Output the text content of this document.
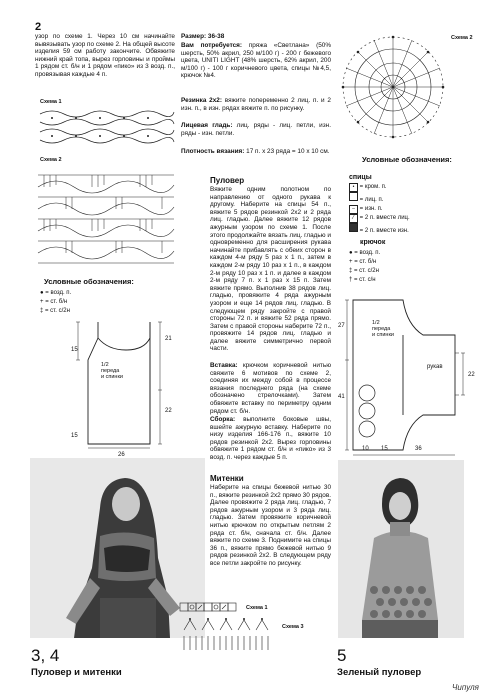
2
узор по схеме 1. Через 10 см начинайте вывязывать узор по схеме 2. На общей высоте изделия 59 см работу закончите. Обвяжите нижний край топа, вырез горловины и проймы 1 рядом ст. б/н и 1 рядом «пико» из 3 возд. п., провязывая каждые 4 п.
Схема 1
Схема 2
Условные обозначения:
● = возд. п.
+ = ст. б/н
‡ = ст. с/2н
15
21
1/2
переда
и спинки
22
15
26
Размер: 36-38
Вам потребуется: пряжа «Светлана» (50% шерсть, 50% акрил, 250 м/100 г) - 200 г бежевого цвета, UNITI LIGHT (48% шерсть, 62% акрил, 200 м/100 г) - 100 г коричневого цвета, спицы №4,5, крючок №4.
Резинка 2х2: вяжите попеременно 2 лиц. п. и 2 изн. п., в изн. рядах вяжите п. по рисунку.
Лицевая гладь: лиц. ряды - лиц. петли, изн. ряды - изн. петли.
Плотность вязания: 17 п. х 23 ряда = 10 х 10 см.
Пуловер
Вяжите одним полотном по направлению от одного рукава к другому. Наберите на спицы 54 п., вяжите 5 рядов резинкой 2х2 и 2 ряда лиц. гладью. Далее вяжите 12 рядов ажурным узором по схеме 1. После этого продолжайте вязать лиц. гладью и одновременно для расширения рукава начинайте прибавлять с обеих сторон в каждом 4-м ряду 5 раз х 1 п., затем в каждом 2-м ряду 10 раз х 1 п., в каждом 2-м ряду 10 раз х 1 п. и далее в каждом 2-м ряду 7 п. х 1 раз х 15 п. Затем вяжите прямо. Выполнив 38 рядов лиц. гладью, провяжите 4 ряда ажурным узором и еще 14 рядов лиц. гладью. В следующем ряду закройте с правой стороны 72 п. и вяжите 52 ряда прямо. Затем с правой стороны наберите 72 п., провяжите 14 рядов лиц. гладью и далее вяжите симметрично первой части.
Вставка: крючком коричневой нитью свяжите 6 мотивов по схеме 2, соединяя их между собой в процессе вязания последнего ряда (на схеме обозначено стрелочками). Затем обвяжите вставку по периметру одним рядом ст. б/н.
Сборка: выполните боковые швы, вшейте ажурную вставку. Наберите по низу изделия 166-176 п., вяжите 10 рядов резинкой 2х2. Вырез горловины обвяжите 1 рядом ст. б/н и «пико» из 3 возд. п. через каждые 5 п.
Митенки
Наберите на спицы бежевой нитью 30 п., вяжите резинкой 2х2 прямо 30 рядов. Далее провяжите 2 ряда лиц. гладью, 7 рядов ажурным узором и 3 ряда лиц. гладью. Затем провяжите коричневой нитью крючком по открытым петлям 2 ряда ст. б/н, сначала ст. б/н. Далее вяжите по схеме 3. Поднимите на спицы 36 п., вяжите прямо бежевой нитью 9 рядов резинкой 2х2. В следующем ряду все петли закройте по рисунку.
Схема 2
Условные обозначения:
спицы
• = кром. п.
= лиц. п.
– = изн. п.
⁄ = 2 п. вместе лиц.
= 2 п. вместе изн.
крючок
● = возд. п.
+ = ст. б/н
‡ = ст. с/2н
† = ст. с/н
27	1/2
переда
и спинки
рукав
41
22
10 15	36
Схема 1
Схема 3
3, 4
Пуловер и митенки
5
Зеленый пуловер
Чипуля
